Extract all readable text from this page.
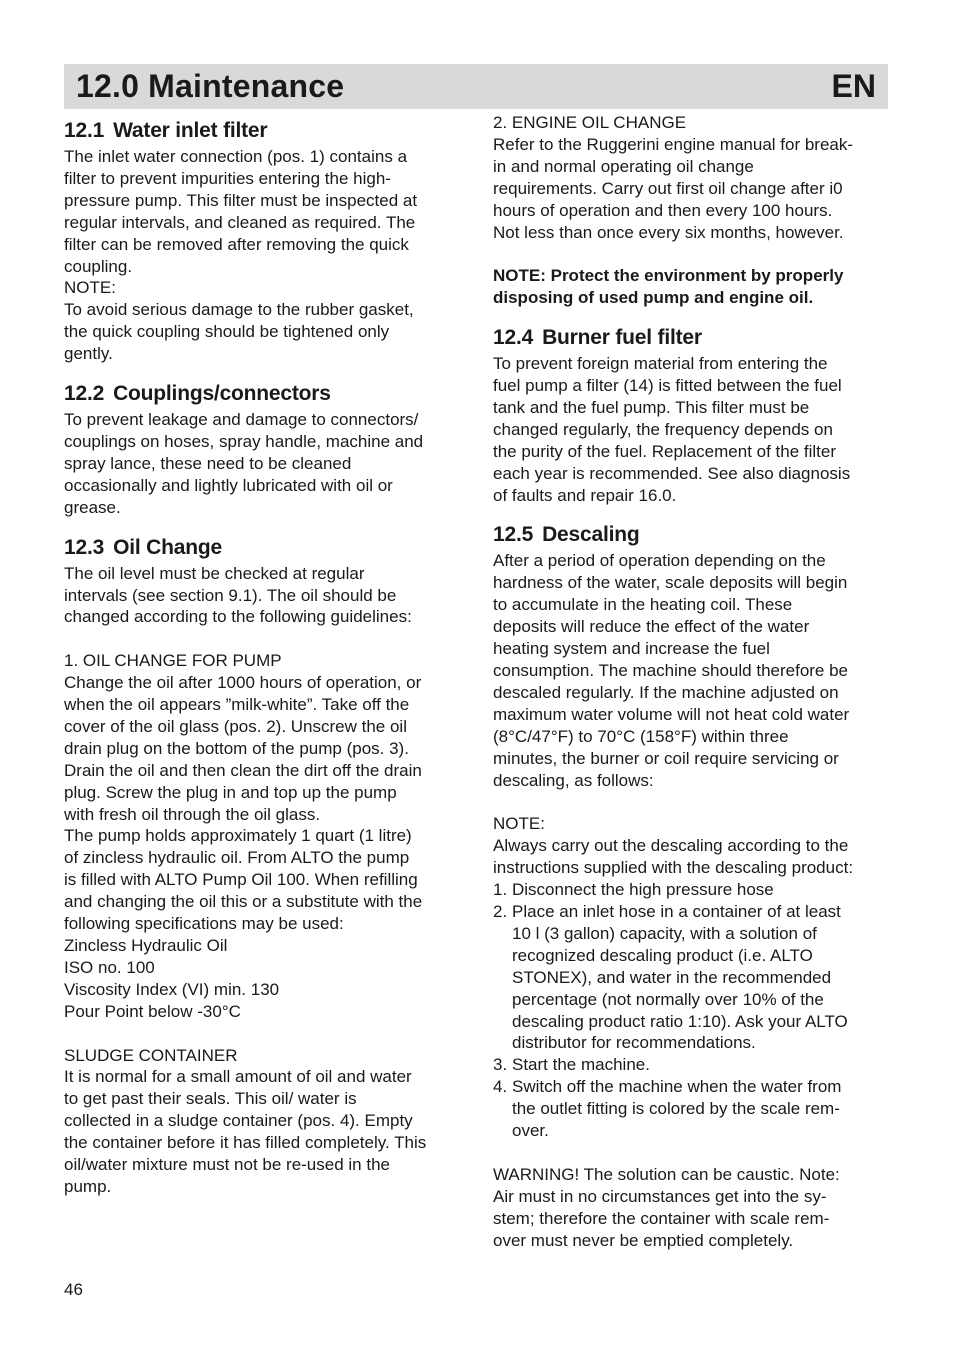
12.0 Maintenance	EN
12.1 Water inlet filter

The inlet water connection (pos. 1) contains a
filter to prevent impurities entering the high-
pressure pump. This filter must be inspected at
regular intervals, and cleaned as required. The
filter can be removed after removing the quick
coupling.
NOTE:
To avoid serious damage to the rubber gasket,
the quick coupling should be tightened only
gently.

12.2 Couplings/connectors

To prevent leakage and damage to connectors/
couplings on hoses, spray handle, machine and
spray lance, these need to be cleaned
occasionally and lightly lubricated with oil or
grease.

12.3 Oil Change

The oil level must be checked at regular
intervals (see section 9.1). The oil should be
changed according to the following guidelines:

1. OIL CHANGE FOR PUMP

Change the oil after 1000 hours of operation, or
when the oil appears ”milk-white”. Take off the
cover of the oil glass (pos. 2). Unscrew the oil
drain plug on the bottom of the pump (pos. 3).
Drain the oil and then clean the dirt off the drain
plug. Screw the plug in and top up the pump
with fresh oil through the oil glass.
The pump holds approximately 1 quart (1 litre)
of zincless hydraulic oil. From ALTO the pump
is filled with ALTO Pump Oil 100. When refilling
and changing the oil this or a substitute with the
following specifications may be used:
Zincless Hydraulic Oil
ISO no. 100
Viscosity Index (VI) min. 130
Pour Point below -30°C

SLUDGE CONTAINER

It is normal for a small amount of oil and water
to get past their seals. This oil/ water is
collected in a sludge container (pos. 4). Empty
the container before it has filled completely. This
oil/water mixture must not be re-used in the
pump.

2. ENGINE OIL CHANGE

Refer to the Ruggerini engine manual for break-
in and normal operating oil change
requirements. Carry out first oil change after i0
hours of operation and then every 100 hours.
Not less than once every six months, however.

NOTE: Protect the environment by properly
disposing of used pump and engine oil.

12.4 Burner fuel filter

To prevent foreign material from entering the
fuel pump a filter (14) is fitted between the fuel
tank and the fuel pump. This filter must be
changed regularly, the frequency depends on
the purity of the fuel. Replacement of the filter
each year is recommended. See also diagnosis
of faults and repair 16.0.

12.5 Descaling

After a period of operation depending on the
hardness of the water, scale deposits will begin
to accumulate in the heating coil. These
deposits will reduce the effect of the water
heating system and increase the fuel
consumption. The machine should therefore be
descaled regularly. If the machine adjusted on
maximum water volume will not heat cold water
(8°C/47°F) to 70°C (158°F) within three
minutes, the burner or coil require servicing or
descaling, as follows:

NOTE:

Always carry out the descaling according to the
instructions supplied with the descaling product:

1. Disconnect the high pressure hose
2. Place an inlet hose in a container of at least
10 l (3 gallon) capacity, with a solution of
recognized descaling product (i.e. ALTO
STONEX), and water in the recommended
percentage (not normally over 10% of the
descaling product ratio 1:10). Ask your ALTO
distributor for recommendations.
3. Start the machine.
4. Switch off the machine when the water from
the outlet fitting is colored by the scale rem-
over.

WARNING! The solution can be caustic. Note:
Air must in no circumstances get into the sy-
stem; therefore the container with scale rem-
over must never be emptied completely.

46
